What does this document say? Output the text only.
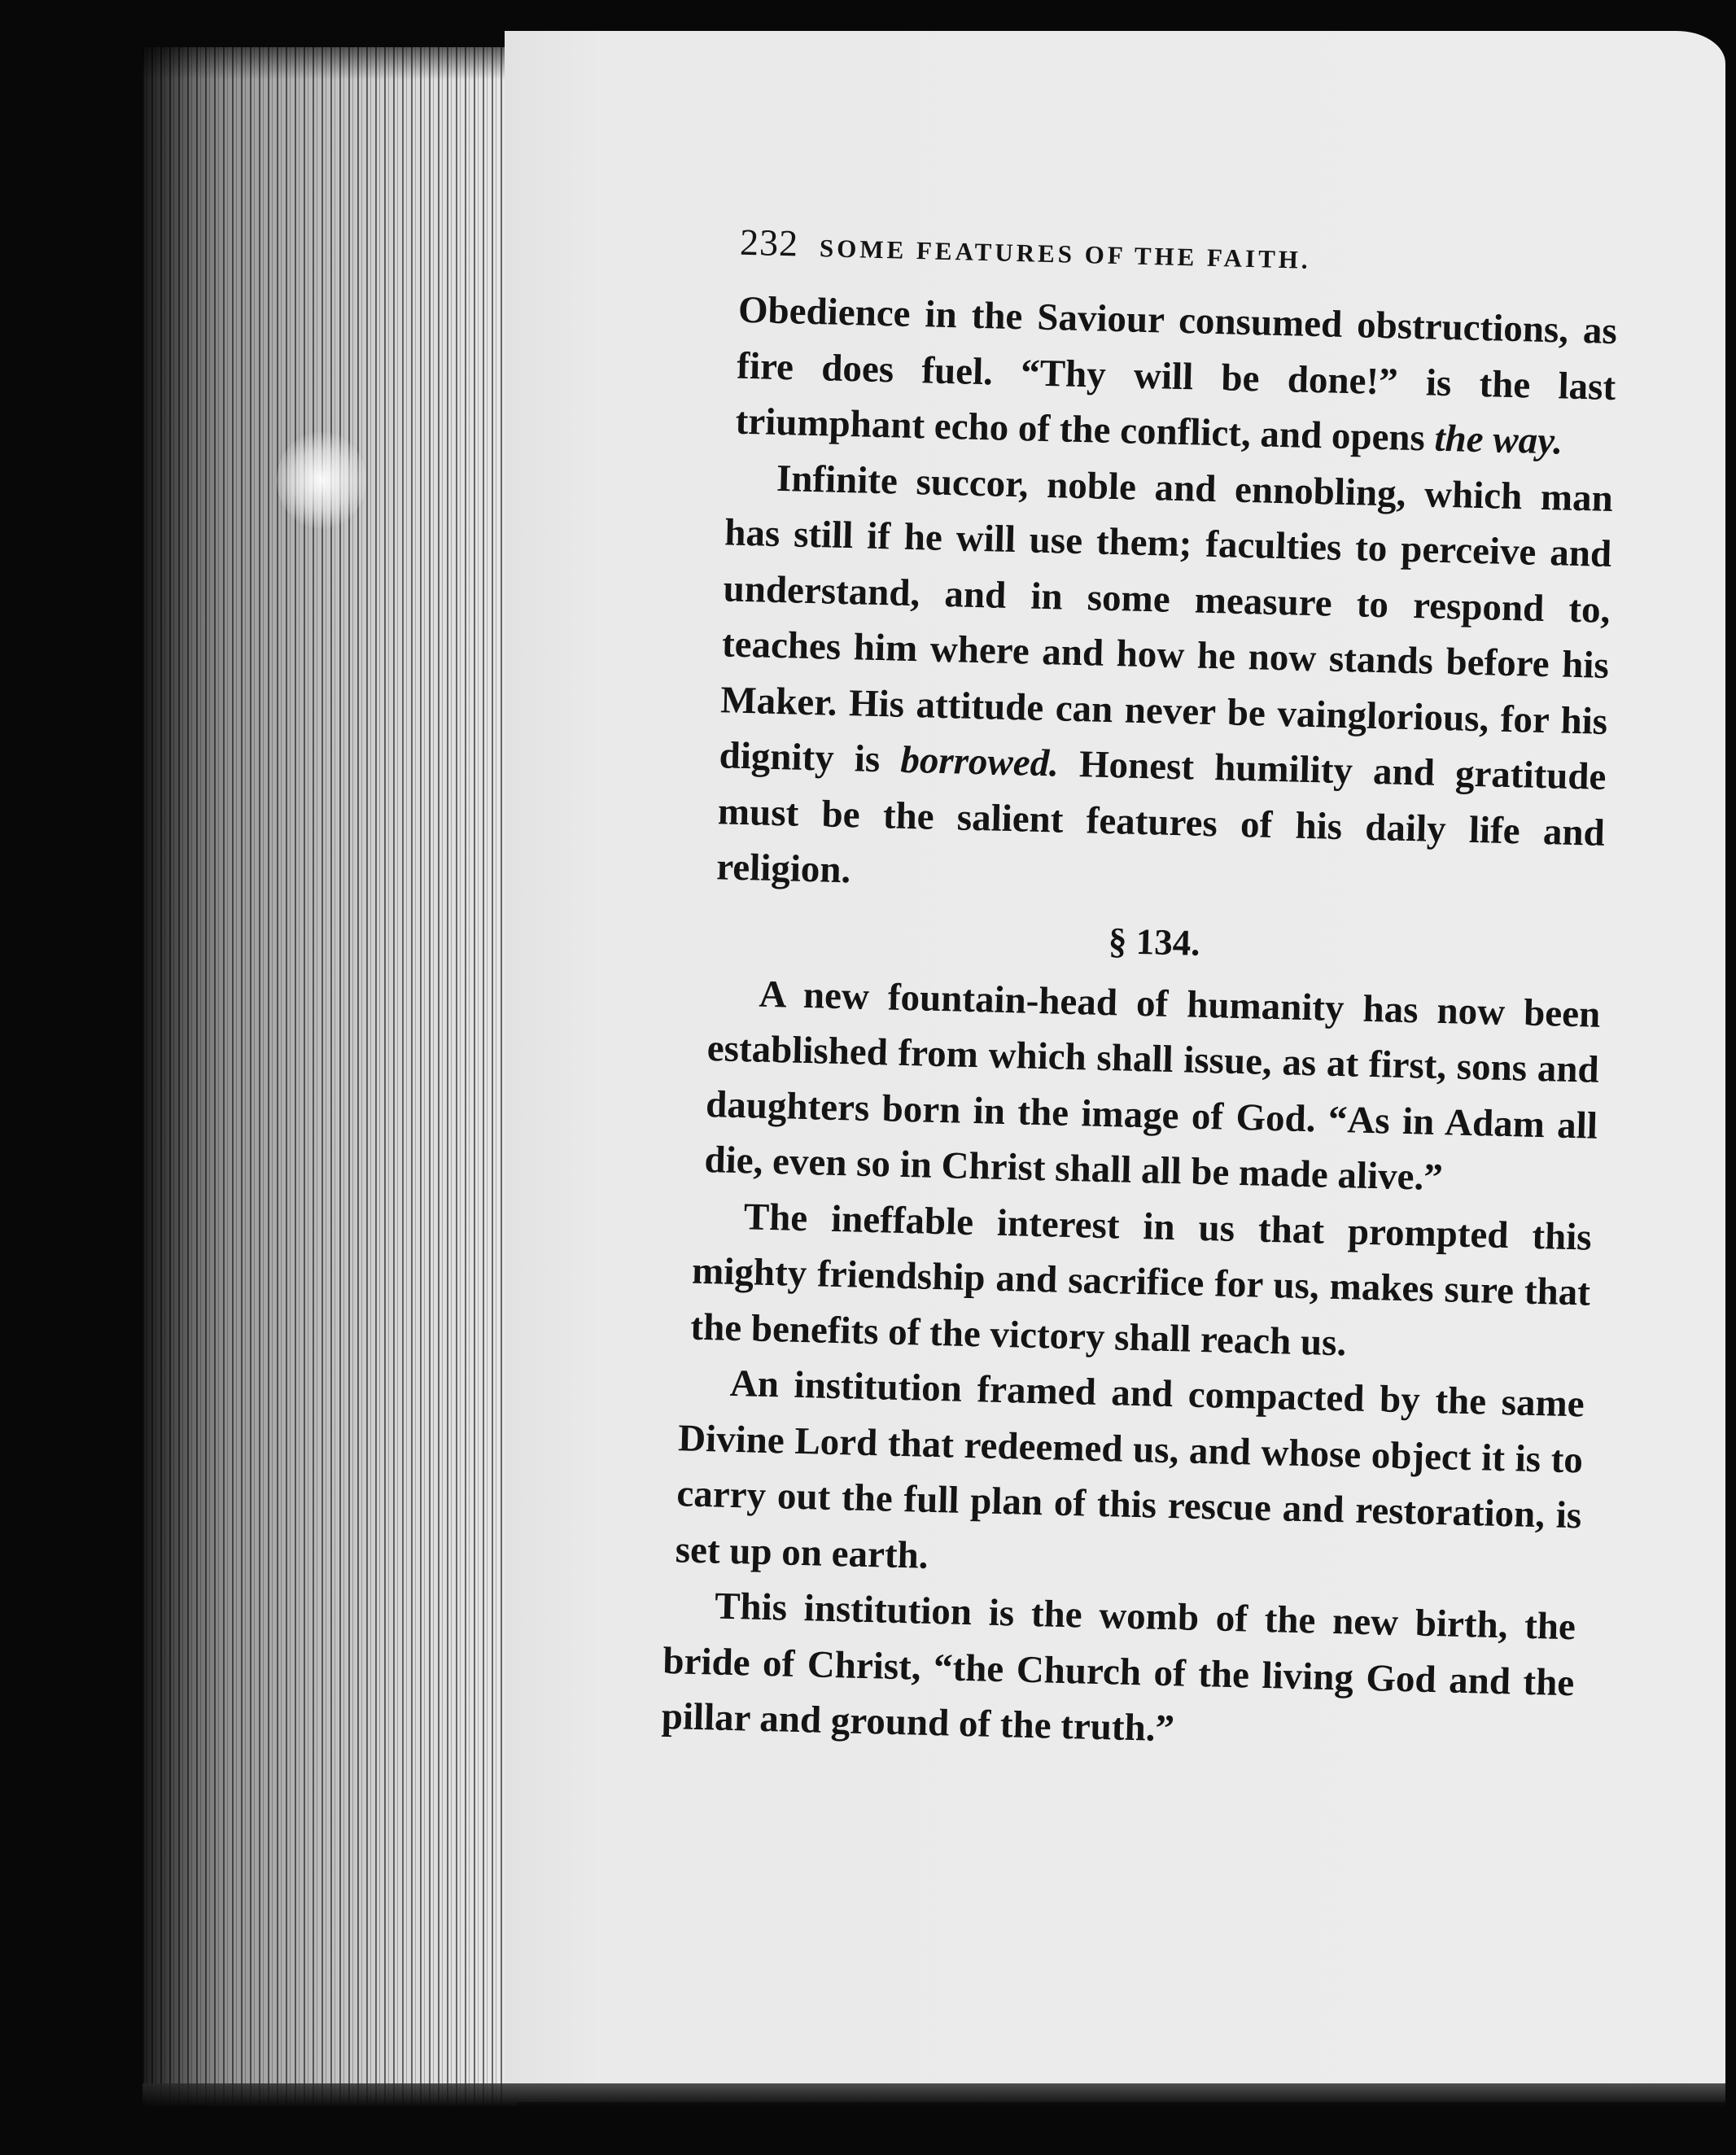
232 SOME FEATURES OF THE FAITH.

Obedience in the Saviour consumed obstructions, as fire does fuel. “Thy will be done!” is the last triumphant echo of the conflict, and opens the way.

Infinite succor, noble and ennobling, which man has still if he will use them; faculties to perceive and understand, and in some measure to respond to, teaches him where and how he now stands before his Maker. His attitude can never be vainglorious, for his dignity is borrowed. Honest humility and gratitude must be the salient features of his daily life and religion.

§ 134.

A new fountain-head of humanity has now been established from which shall issue, as at first, sons and daughters born in the image of God. “As in Adam all die, even so in Christ shall all be made alive.”

The ineffable interest in us that prompted this mighty friendship and sacrifice for us, makes sure that the benefits of the victory shall reach us.

An institution framed and compacted by the same Divine Lord that redeemed us, and whose object it is to carry out the full plan of this rescue and restoration, is set up on earth.

This institution is the womb of the new birth, the bride of Christ, “the Church of the living God and the pillar and ground of the truth.”
